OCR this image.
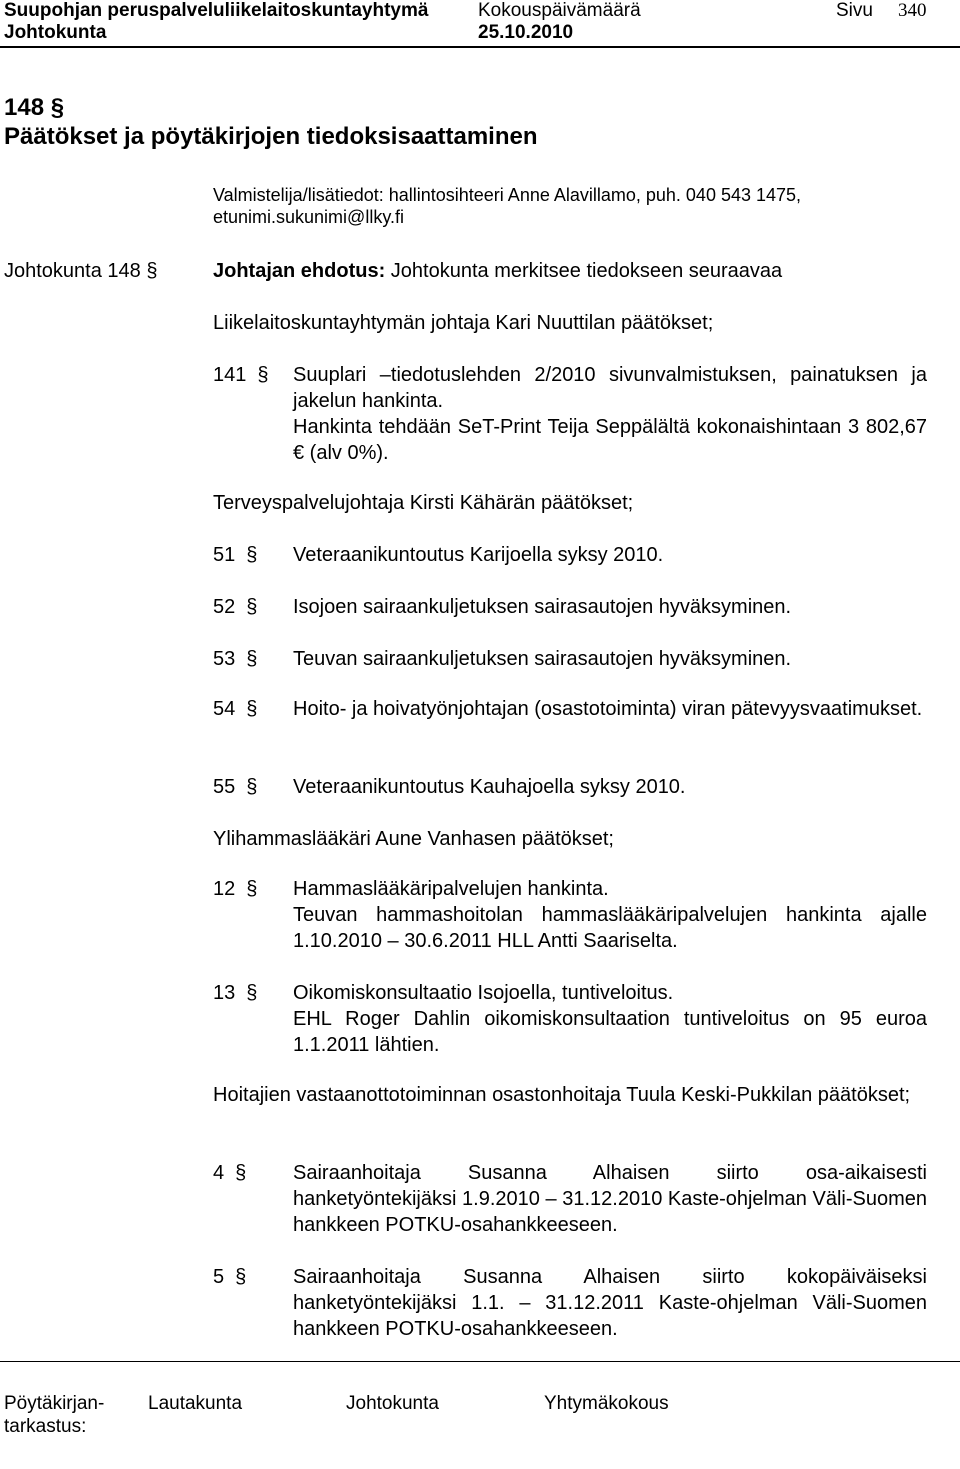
Suupohjan peruspalveluliikelaitoskuntayhtymä	Kokouspäivämäärä	Sivu 340
Johtokunta	25.10.2010
148 §
Päätökset ja pöytäkirjojen tiedoksisaattaminen
Valmistelija/lisätiedot: hallintosihteeri Anne Alavillamo, puh. 040 543 1475,
etunimi.sukunimi@llky.fi
Johtokunta 148 §	Johtajan ehdotus: Johtokunta merkitsee tiedokseen seuraavaa
Liikelaitoskuntayhtymän johtaja Kari Nuuttilan päätökset;
141 § Suuplari –tiedotuslehden 2/2010 sivunvalmistuksen, painatuksen ja jakelun hankinta.
Hankinta tehdään SeT-Print Teija Seppälältä kokonaishintaan 3 802,67 € (alv 0%).
Terveyspalvelujohtaja Kirsti Kähärän päätökset;
51 § Veteraanikuntoutus Karijoella syksy 2010.
52 § Isojoen sairaankuljetuksen sairasautojen hyväksyminen.
53 § Teuvan sairaankuljetuksen sairasautojen hyväksyminen.
54 § Hoito- ja hoivatyönjohtajan (osastotoiminta) viran pätevyysvaatimukset.
55 § Veteraanikuntoutus Kauhajoella syksy 2010.
Ylihammaslääkäri Aune Vanhasen päätökset;
12 § Hammaslääkäripalvelujen hankinta.
Teuvan hammashoitolan hammaslääkäripalvelujen hankinta ajalle 1.10.2010 – 30.6.2011 HLL Antti Saariselta.
13 § Oikomiskonsultaatio Isojoella, tuntiveloitus.
EHL Roger Dahlin oikomiskonsultaation tuntiveloitus on 95 euroa 1.1.2011 lähtien.
Hoitajien vastaanottotoiminnan osastonhoitaja Tuula Keski-Pukkilan päätökset;
4 § Sairaanhoitaja Susanna Alhaisen siirto osa-aikaisesti hanketyöntekijäksi 1.9.2010 – 31.12.2010 Kaste-ohjelman Väli-Suomen hankkeen POTKU-osahankkeeseen.
5 § Sairaanhoitaja Susanna Alhaisen siirto kokopäiväiseksi hanketyöntekijäksi 1.1. – 31.12.2011 Kaste-ohjelman Väli-Suomen hankkeen POTKU-osahankkeeseen.
Pöytäkirjan-
tarkastus:
Lautakunta	Johtokunta	Yhtymäkokous
